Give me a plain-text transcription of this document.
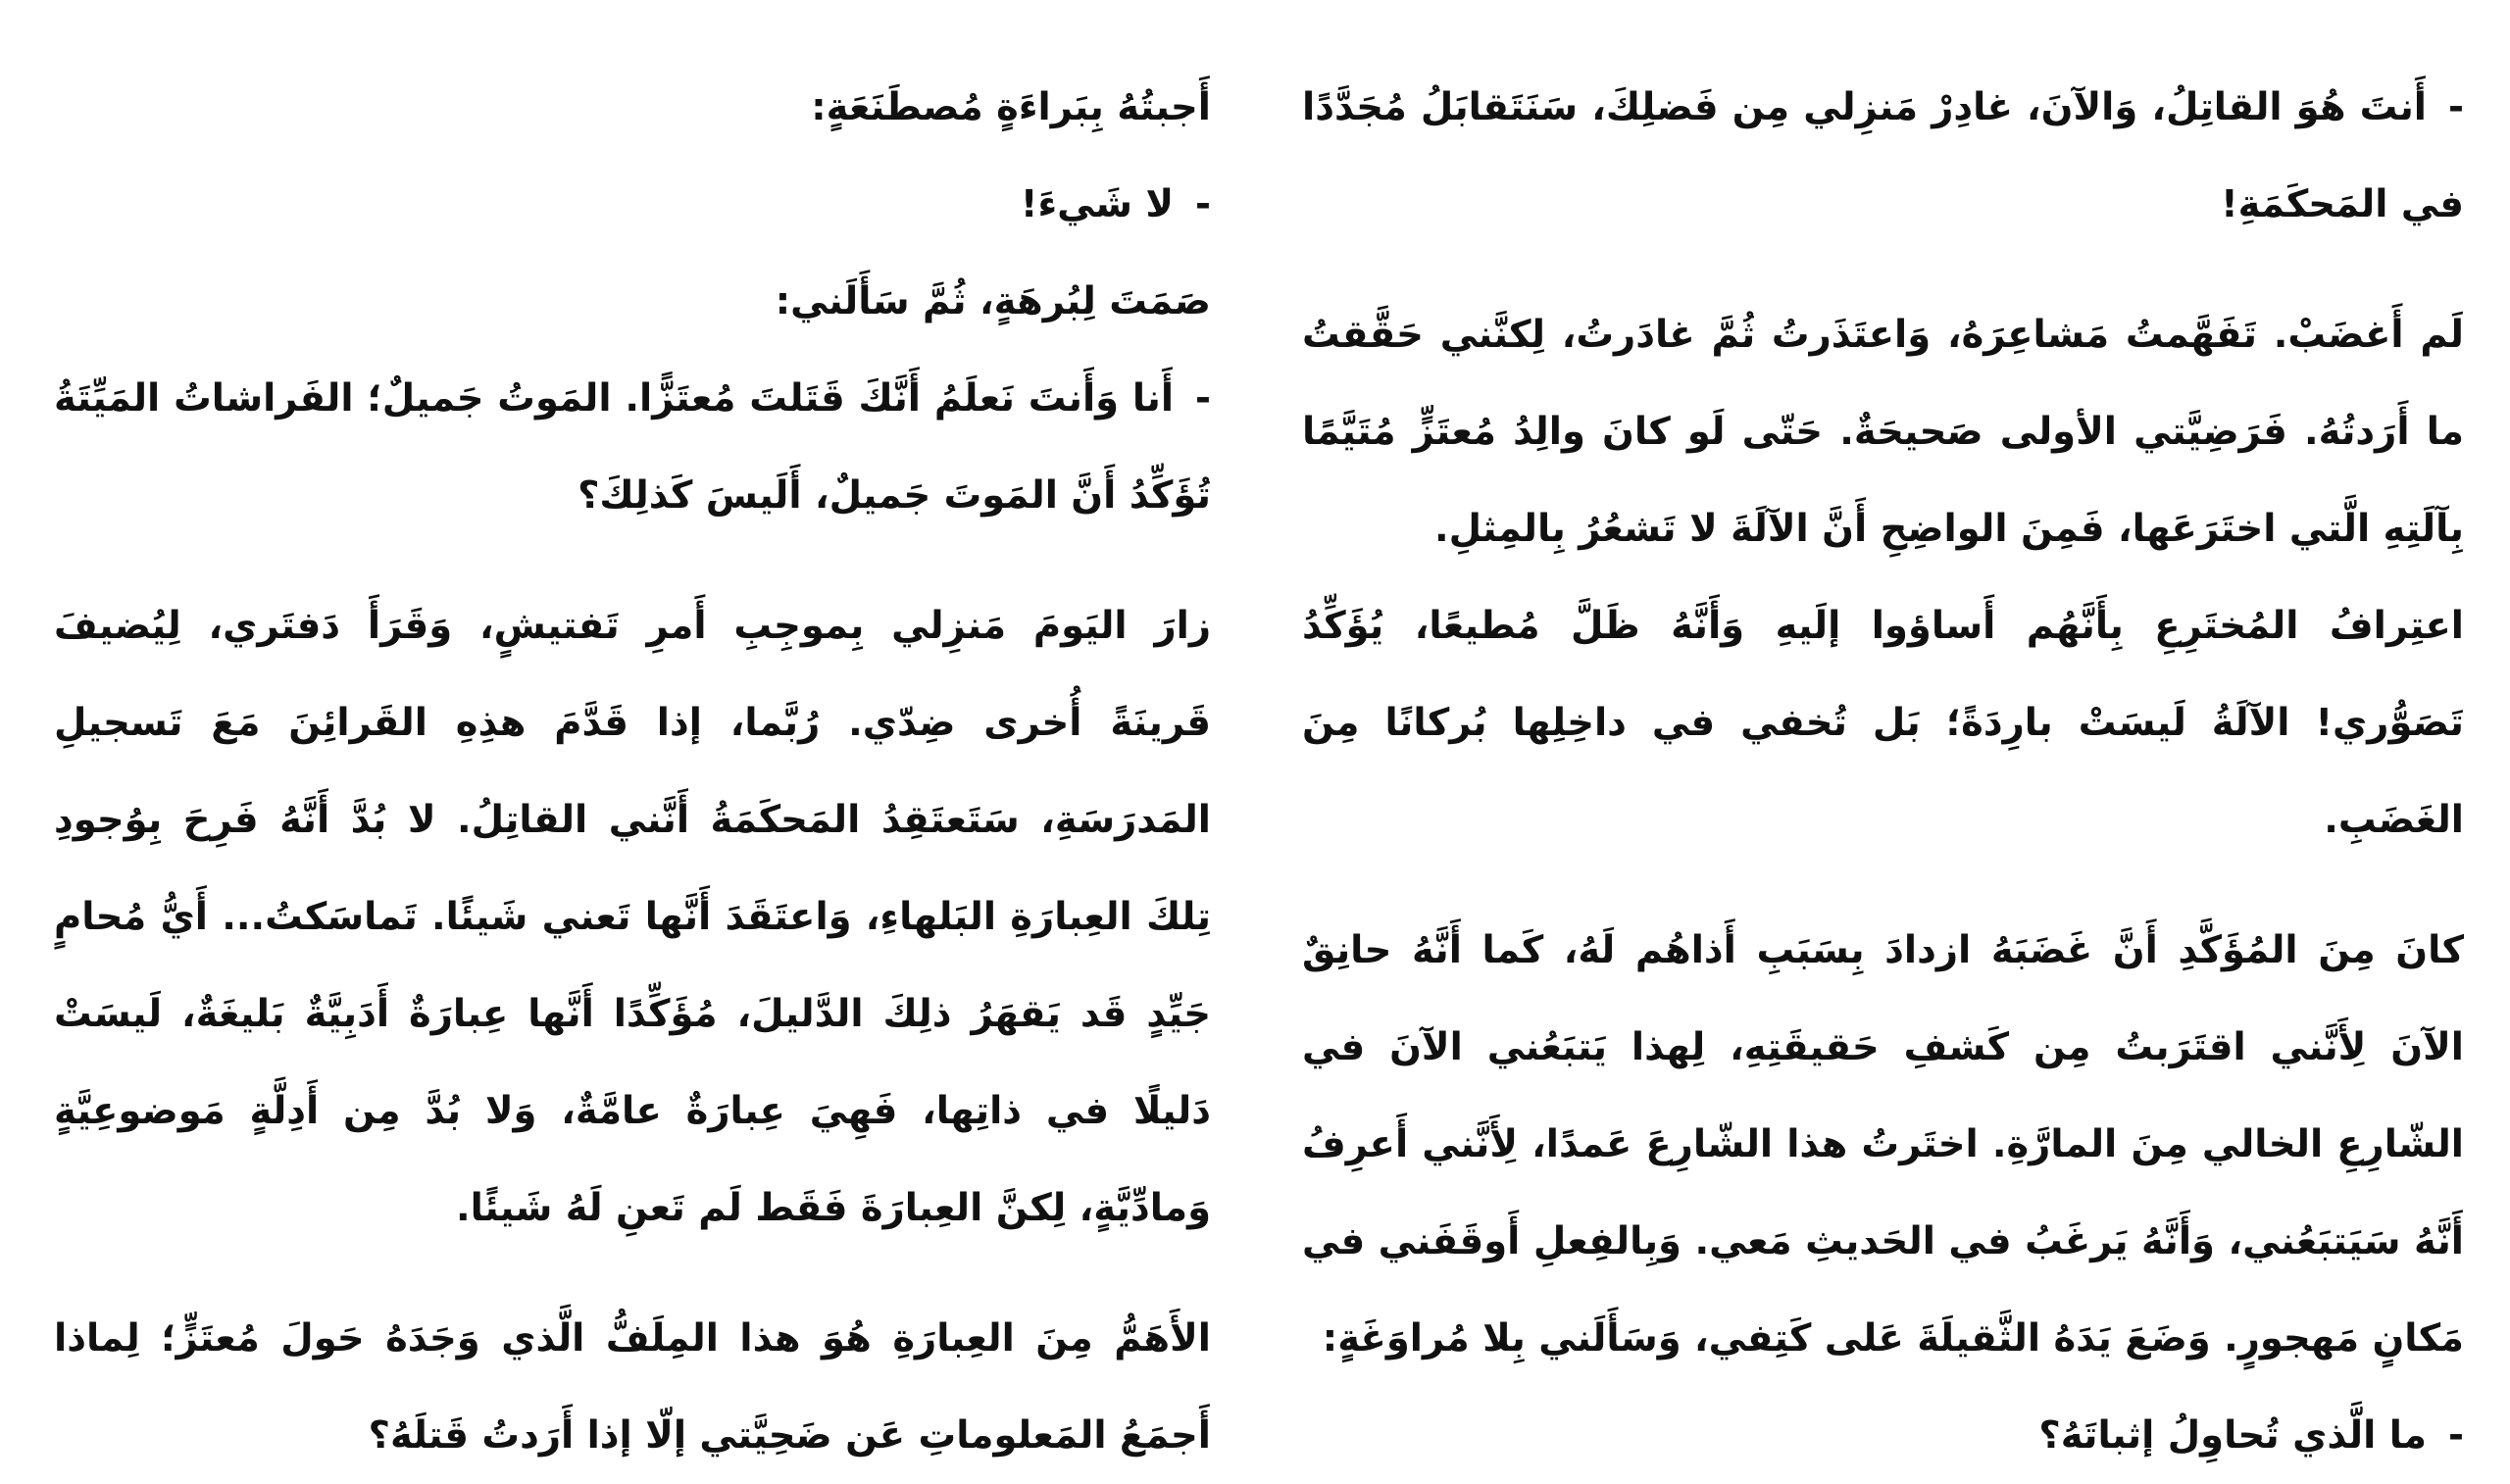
أَجبتُهُ بِبَراءَةٍ مُصطَنَعَةٍ:

-لا شَيءَ!

صَمَتَ لِبُرهَةٍ، ثُمَّ سَأَلَني:

-أَنا وَأَنتَ نَعلَمُ أَنَّكَ قَتَلتَ مُعتَزًّا. المَوتُ جَميلٌ؛ الفَراشاتُ المَيِّتَةُ تُؤَكِّدُ أَنَّ المَوتَ جَميلٌ، أَلَيسَ كَذلِكَ؟

زارَ اليَومَ مَنزِلي بِموجِبِ أَمرِ تَفتيشٍ، وَقَرَأَ دَفتَري، لِيُضيفَ قَرينَةً أُخرى ضِدّي. رُبَّما، إذا قَدَّمَ هذِهِ القَرائِنَ مَعَ تَسجيلِ المَدرَسَةِ، سَتَعتَقِدُ المَحكَمَةُ أَنَّني القاتِلُ. لا بُدَّ أَنَّهُ فَرِحَ بِوُجودِ تِلكَ العِبارَةِ البَلهاءِ، وَاعتَقَدَ أَنَّها تَعني شَيئًا. تَماسَكتُ... أَيُّ مُحامٍ جَيِّدٍ قَد يَقهَرُ ذلِكَ الدَّليلَ، مُؤَكِّدًا أَنَّها عِبارَةٌ أَدَبِيَّةٌ بَليغَةٌ، لَيسَتْ دَليلًا في ذاتِها، فَهِيَ عِبارَةٌ عامَّةٌ، وَلا بُدَّ مِن أَدِلَّةٍ مَوضوعِيَّةٍ وَمادِّيَّةٍ، لِكنَّ العِبارَةَ فَقَط لَم تَعنِ لَهُ شَيئًا.

الأَهَمُّ مِنَ العِبارَةِ هُوَ هذا المِلَفُّ الَّذي وَجَدَهُ حَولَ مُعتَزٍّ؛ لِماذا أَجمَعُ المَعلوماتِ عَن ضَحِيَّتي إلّا إذا أَرَدتُ قَتلَهُ؟

-أَنتَ هُوَ القاتِلُ، وَالآنَ، غادِرْ مَنزِلي مِن فَضلِكَ، سَنَتَقابَلُ مُجَدَّدًا في المَحكَمَةِ!

لَم أَغضَبْ. تَفَهَّمتُ مَشاعِرَهُ، وَاعتَذَرتُ ثُمَّ غادَرتُ، لِكنَّني حَقَّقتُ ما أَرَدتُهُ. فَرَضِيَّتي الأولى صَحيحَةٌ. حَتّى لَو كانَ والِدُ مُعتَزٍّ مُتَيَّمًا بِآلَتِهِ الَّتي اختَرَعَها، فَمِنَ الواضِحِ أَنَّ الآلَةَ لا تَشعُرُ بِالمِثلِ.

اعتِرافُ المُختَرِعِ بِأَنَّهُم أَساؤوا إلَيهِ وَأَنَّهُ ظَلَّ مُطيعًا، يُؤَكِّدُ تَصَوُّري! الآلَةُ لَيسَتْ بارِدَةً؛ بَل تُخفي في داخِلِها بُركانًا مِنَ الغَضَبِ.

كانَ مِنَ المُؤَكَّدِ أَنَّ غَضَبَهُ ازدادَ بِسَبَبِ أَذاهُم لَهُ، كَما أَنَّهُ حانِقٌ الآنَ لِأَنَّني اقتَرَبتُ مِن كَشفِ حَقيقَتِهِ، لِهذا يَتبَعُني الآنَ في الشّارِعِ الخالي مِنَ المارَّةِ. اختَرتُ هذا الشّارِعَ عَمدًا، لِأَنَّني أَعرِفُ أَنَّهُ سَيَتبَعُني، وَأَنَّهُ يَرغَبُ في الحَديثِ مَعي. وَبِالفِعلِ أَوقَفَني في مَكانٍ مَهجورٍ. وَضَعَ يَدَهُ الثَّقيلَةَ عَلى كَتِفي، وَسَأَلَني بِلا مُراوَغَةٍ:

-ما الَّذي تُحاوِلُ إثباتَهُ؟
